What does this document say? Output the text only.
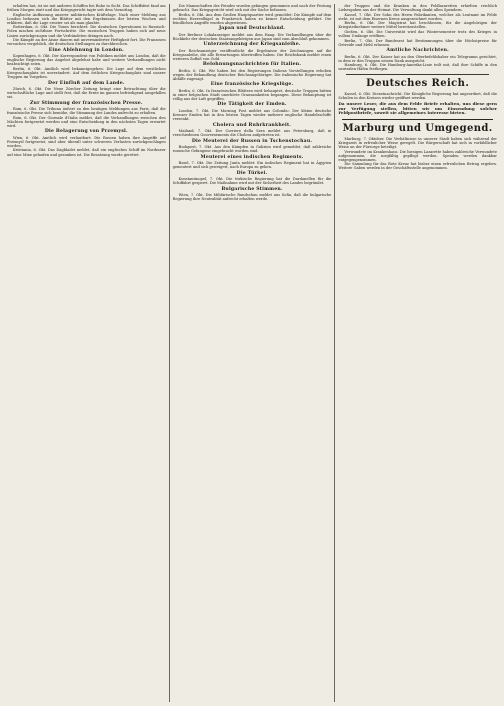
erhalten hat, ist sie mit anderen Schiffen bei Ruhe in Sicht. Das Schiffsfest fand am frühen Morgen statt und das Kriegsgericht tagte seit dem Vormittag.
Englische Auffassung unserer militärischen Kräftelage. Nach einer Meldung aus London befassen sich die Blätter mit den Ergebnissen der letzten Wochen und erklären, daß die Lage ernster sei als man glaubte.
Rotterdam, 6. Okt. Die Times berichtet: Die deutschen Operationen in Russisch-Polen machen sichtbare Fortschritte. Die russischen Truppen haben sich auf neue Linien zurückgezogen und die Verbündeten drängen nach.
Die Kämpfe an der Aisne dauern mit unverminderter Heftigkeit fort. Die Franzosen versuchen vergeblich, die deutschen Stellungen zu durchbrechen.
Eine Ablehnung in London.
Kopenhagen, 6. Okt. Der Korrespondent von Politiken meldet aus London, daß die englische Regierung das Angebot abgelehnt habe und weitere Verhandlungen nicht beabsichtigt seien.
Berlin, 6. Okt. Amtlich wird bekanntgegeben: Die Lage auf dem westlichen Kriegsschauplatz ist unverändert. Auf dem östlichen Kriegsschauplatz sind unsere Truppen im Vorgehen.
Der Einfluß auf dem Lande.
Zürich, 6. Okt. Die Neue Zürcher Zeitung bringt eine Betrachtung über die wirtschaftliche Lage und stellt fest, daß die Ernte im ganzen befriedigend ausgefallen sei.
Zur Stimmung der französischen Presse.
Rom, 6. Okt. Die Tribuna äußert zu den heutigen Meldungen aus Paris, daß die französische Presse sich bemühe, die Stimmung des Landes aufrecht zu erhalten.
Rom, 6. Okt. Der Giornale d'Italia meldet, daß die Verhandlungen zwischen den Mächten fortgesetzt werden und eine Entscheidung in den nächsten Tagen erwartet wird.
Die Belagerung von Przemysl.
Wien, 6. Okt. Amtlich wird verlautbart: Die Russen haben ihre Angriffe auf Przemysl fortgesetzt, sind aber überall unter schweren Verlusten zurückgeschlagen worden.
Kristiania, 6. Okt. Das Dagbladet meldet, daß ein englisches Schiff im Nordmeer auf eine Mine gelaufen und gesunken ist. Die Besatzung wurde gerettet.
Die Mannschaften des Feindes wurden gefangen genommen und nach der Festung gebracht. Das Kriegsgericht wird sich mit der Sache befassen.
Berlin, 6. Okt. Aus dem Großen Hauptquartier wird gemeldet: Die Kämpfe auf dem rechten Heeresflügel in Frankreich haben zu keiner Entscheidung geführt. Die feindlichen Angriffe wurden abgewiesen.
Japan und Deutschland.
Der Berliner Lokalanzeiger meldet aus dem Haag: Die Verhandlungen über die Rückkehr der deutschen Staatsangehörigen aus Japan sind zum Abschluß gekommen.
Unterzeichnung der Kriegsanleihe.
Der Reichsanzeiger veröffentlicht die Ergebnisse der Zeichnungen auf die Kriegsanleihe, die alle Erwartungen übertroffen haben. Die Reichsbank meldet einen weiteren Zufluß von Gold.
Belohnungsnachrichten für Italien.
Berlin, 6. Okt. Wir haben bei den Regierungen Italiens Vorstellungen erhoben wegen der Behandlung deutscher Reichsangehöriger. Die italienische Regierung hat Abhilfe zugesagt.
Eine französische Kriegslüge.
Berlin, 6. Okt. In französischen Blättern wird behauptet, deutsche Truppen hätten in einer belgischen Stadt unerhörte Grausamkeiten begangen. Diese Behauptung ist völlig aus der Luft gegriffen.
Die Tätigkeit der Emden.
London, 7. Okt. Die Morning Post meldet aus Colombo: Der kleine deutsche Kreuzer Emden hat in den letzten Tagen wieder mehrere englische Handelsschiffe versenkt.
Cholera und Ruhrkrankheit.
Mailand, 7. Okt. Der Corriere della Sera meldet aus Petersburg, daß in verschiedenen Gouvernements die Cholera aufgetreten ist.
Die Meuterei der Russen in Tschenstochau.
Budapest, 7. Okt. Aus den Kämpfen in Galizien wird gemeldet, daß zahlreiche russische Gefangene eingebracht worden sind.
Meuterei eines indischen Regiments.
Basel, 7. Okt. Die Zeitung Junta meldet: Ein indisches Regiment hat in Ägypten gemeutert und sich geweigert, nach Europa zu gehen.
Die Türkei.
Konstantinopel, 7. Okt. Die türkische Regierung hat die Dardanellen für die Schiffahrt gesperrt. Die Maßnahme wird mit der Sicherheit des Landes begründet.
Bulgarische Stimmen.
Wien, 7. Okt. Die Militärische Rundschau meldet aus Sofia, daß die bulgarische Regierung ihre Neutralität aufrecht erhalten werde.
der Truppen und die Kranken in den Feldlazaretten erhielten reichlich Liebesgaben aus der Heimat. Die Verwaltung dankt allen Spendern.
Kassel, 7. Okt. Der Sohn des Herrn Fabrikanten, welcher als Leutnant im Felde steht, ist mit dem Eisernen Kreuz ausgezeichnet worden.
Berlin, 6. Okt. Der Magistrat hat beschlossen, für die Angehörigen der Kriegsteilnehmer weitere Mittel bereitzustellen.
Gießen, 6. Okt. Die Universität wird das Wintersemester trotz des Krieges in vollem Umfange eröffnen.
Berlin, 7. Okt. Der Bundesrat hat Bestimmungen über die Höchstpreise für Getreide und Mehl erlassen.
Amtliche Nachrichten.
Berlin, 6. Okt. Der Kaiser hat an den Oberbefehlshaber ein Telegramm gerichtet, in dem er den Truppen seinen Dank ausspricht.
Hamburg, 6. Okt. Die Hamburg-Amerika-Linie teilt mit, daß ihre Schiffe in den neutralen Häfen festliegen.
Deutsches Reich.
Kassel, 6. Okt. Dienstnachricht. Die Königliche Regierung hat angeordnet, daß die Schulen in den Kreisen wieder geöffnet werden.
Da unsere Leser, die aus dem Felde Briefe erhalten, uns diese gern zur Verfügung stellen, bitten wir um Einsendung solcher Feldpostbriefe, soweit sie allgemeines Interesse bieten.
Marburg und Umgegend.
Marburg, 7. Oktober. Die Verhältnisse in unserer Stadt haben sich während der Kriegszeit in erfreulicher Weise geregelt. Die Bürgerschaft hat sich in vorbildlicher Weise an der Fürsorge beteiligt.
Verwundete im Krankenhaus. Die hiesigen Lazarette haben zahlreiche Verwundete aufgenommen, die sorgfältig gepflegt werden. Spenden werden dankbar entgegengenommen.
Die Sammlung für das Rote Kreuz hat bisher einen erfreulichen Betrag ergeben. Weitere Gaben werden in der Geschäftsstelle angenommen.
